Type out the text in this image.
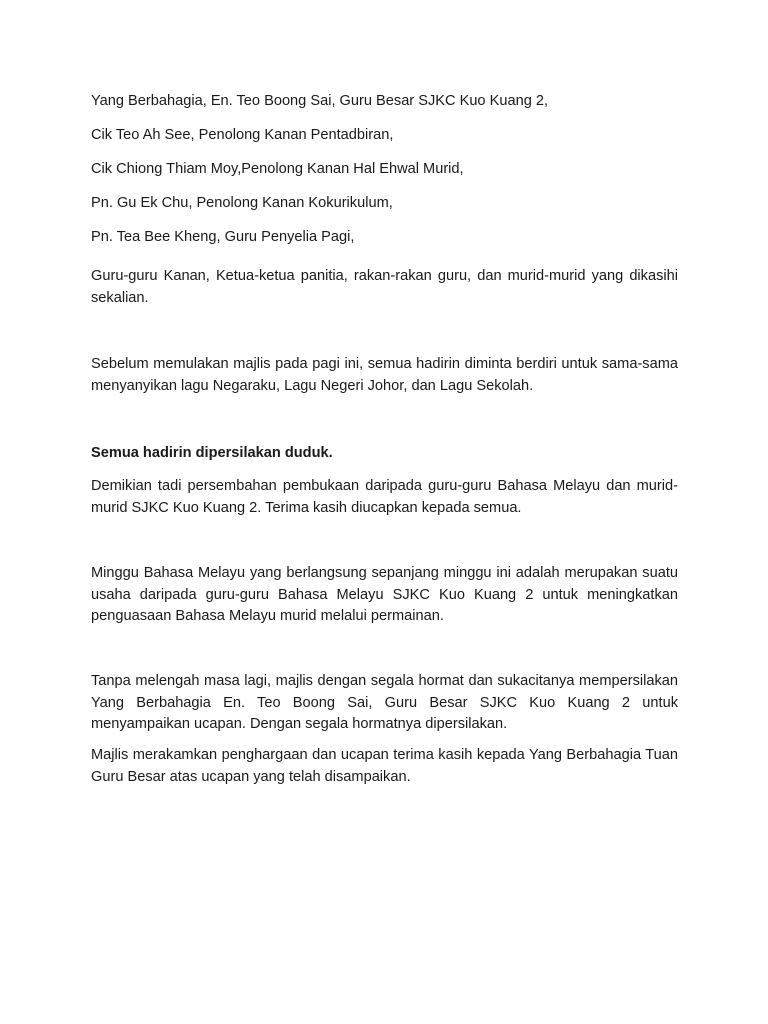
Yang Berbahagia, En. Teo Boong Sai, Guru Besar SJKC Kuo Kuang 2,

Cik Teo Ah See, Penolong Kanan Pentadbiran,

Cik Chiong Thiam Moy,Penolong Kanan Hal Ehwal Murid,

Pn. Gu Ek Chu, Penolong Kanan Kokurikulum,

Pn. Tea Bee Kheng, Guru Penyelia Pagi,

Guru-guru Kanan, Ketua-ketua panitia, rakan-rakan guru, dan murid-murid yang dikasihi sekalian.

Sebelum memulakan majlis pada pagi ini, semua hadirin diminta berdiri untuk sama-sama menyanyikan lagu Negaraku, Lagu Negeri Johor, dan Lagu Sekolah.

Semua hadirin dipersilakan duduk.

Demikian tadi persembahan pembukaan daripada guru-guru Bahasa Melayu dan murid-murid SJKC Kuo Kuang 2. Terima kasih diucapkan kepada semua.

Minggu Bahasa Melayu yang berlangsung sepanjang minggu ini adalah merupakan suatu usaha daripada guru-guru Bahasa Melayu SJKC Kuo Kuang 2 untuk meningkatkan penguasaan Bahasa Melayu murid melalui permainan.

Tanpa melengah masa lagi, majlis dengan segala hormat dan sukacitanya mempersilakan Yang Berbahagia En. Teo Boong Sai, Guru Besar SJKC Kuo Kuang 2 untuk menyampaikan ucapan. Dengan segala hormatnya dipersilakan.

Majlis merakamkan penghargaan dan ucapan terima kasih kepada Yang Berbahagia Tuan Guru Besar atas ucapan yang telah disampaikan.
